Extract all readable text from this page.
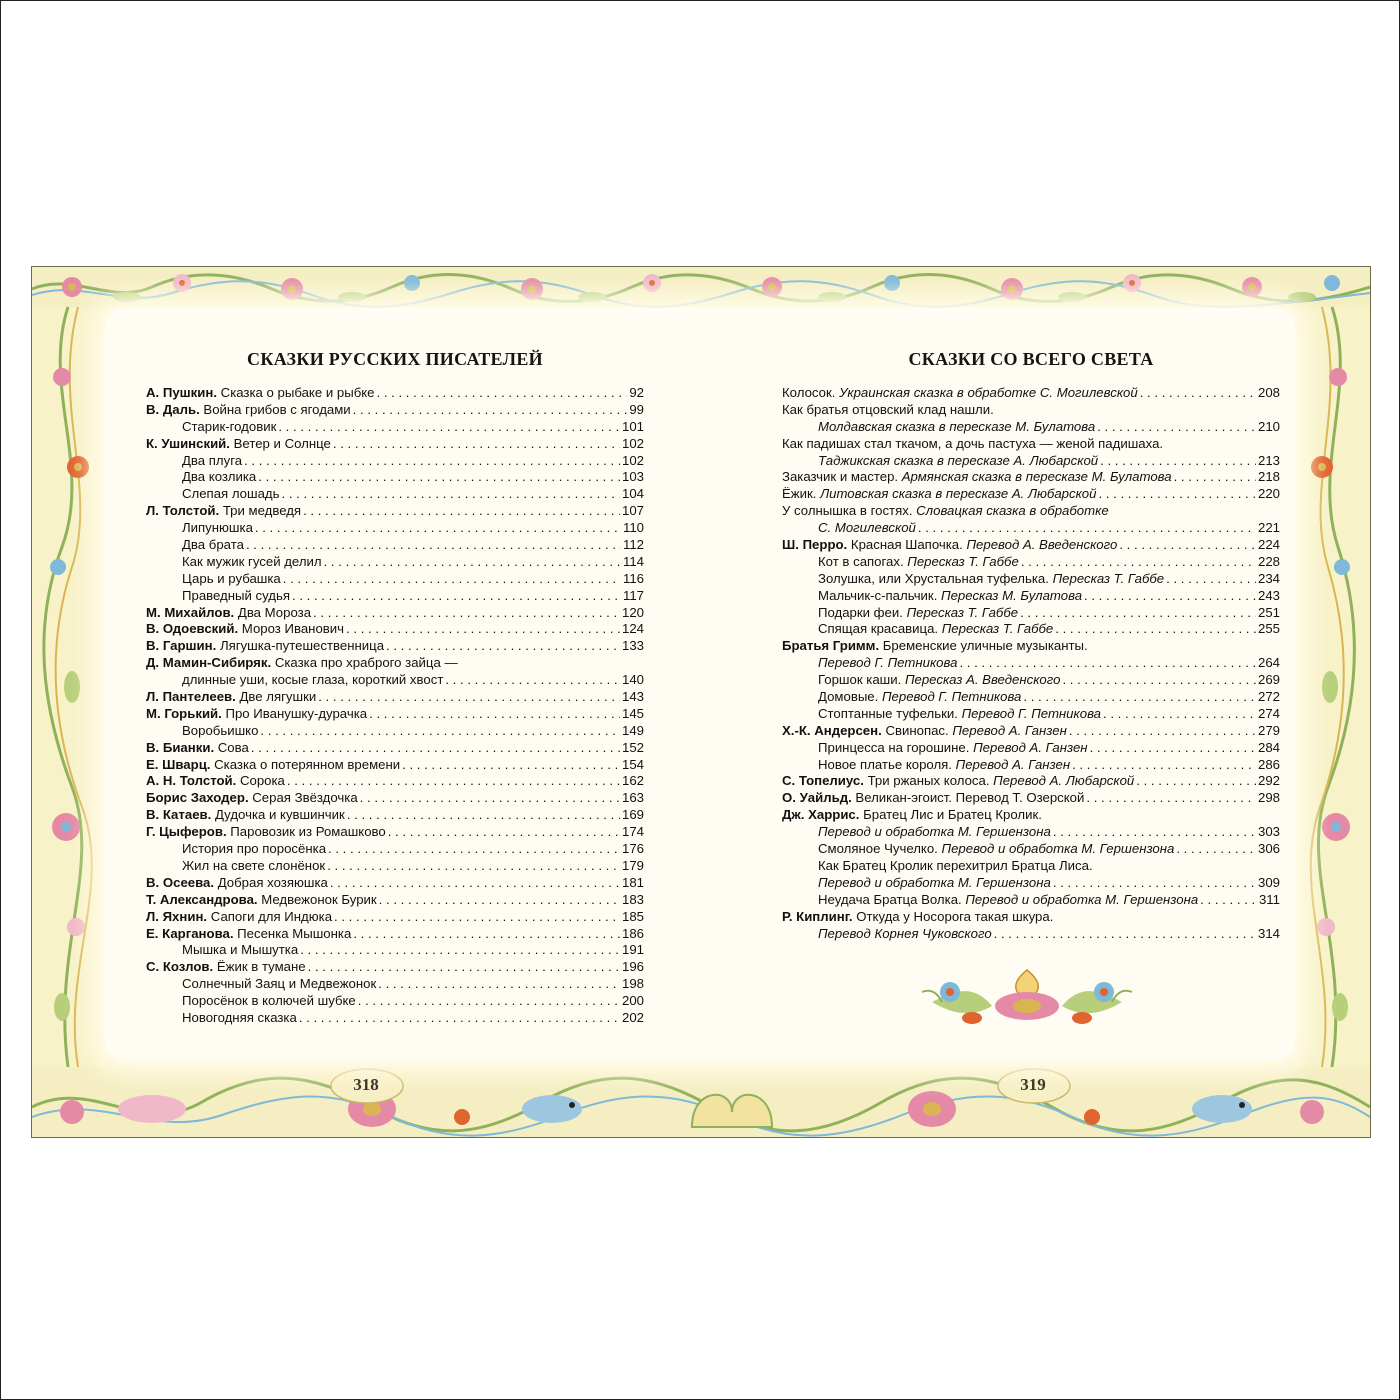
СКАЗКИ РУССКИХ ПИСАТЕЛЕЙ	СКАЗКИ СО ВСЕГО СВЕТА
А. Пушкин. Сказка о рыбаке и рыбке . . .	92
В. Даль. Война грибов с ягодами . . .	99
Старик-годовик . . .	101
К. Ушинский. Ветер и Солнце . . .	102
Два плуга . . .	102
Два козлика . . .	103
Слепая лошадь . . .	104
Л. Толстой. Три медведя . . .	107
Липунюшка . . .	110
Два брата . . .	112
Как мужик гусей делил . . .	114
Царь и рубашка . . .	116
Праведный судья . . .	117
М. Михайлов. Два Мороза . . .	120
В. Одоевский. Мороз Иванович . . .	124
В. Гаршин. Лягушка-путешественница . . .	133
Д. Мамин-Сибиряк. Сказка про храброго зайца —
длинные уши, косые глаза, короткий хвост . . .	140
Л. Пантелеев. Две лягушки . . .	143
М. Горький. Про Иванушку-дурачка . . .	145
Воробьишко . . .	149
В. Бианки. Сова . . .	152
Е. Шварц. Сказка о потерянном времени . . .	154
А. Н. Толстой. Сорока . . .	162
Борис Заходер. Серая Звёздочка . . .	163
В. Катаев. Дудочка и кувшинчик . . .	169
Г. Цыферов. Паровозик из Ромашково . . .	174
История про поросёнка . . .	176
Жил на свете слонёнок . . .	179
В. Осеева. Добрая хозяюшка . . .	181
Т. Александрова. Медвежонок Бурик . . .	183
Л. Яхнин. Сапоги для Индюка . . .	185
Е. Карганова. Песенка Мышонка . . .	186
Мышка и Мышутка . . .	191
С. Козлов. Ёжик в тумане . . .	196
Солнечный Заяц и Медвежонок . . .	198
Поросёнок в колючей шубке . . .	200
Новогодняя сказка . . .	202
Колосок. Украинская сказка в обработке С. Могилевской . . .	208
Как братья отцовский клад нашли.
Молдавская сказка в пересказе М. Булатова . . .	210
Как падишах стал ткачом, а дочь пастуха — женой падишаха.
Таджикская сказка в пересказе А. Любарской . . .	213
Заказчик и мастер. Армянская сказка в пересказе М. Булатова . . .	218
Ёжик. Литовская сказка в пересказе А. Любарской . . .	220
У солнышка в гостях. Словацкая сказка в обработке
С. Могилевской . . .	221
Ш. Перро. Красная Шапочка. Перевод А. Введенского . . .	224
Кот в сапогах. Пересказ Т. Габбе . . .	228
Золушка, или Хрустальная туфелька. Пересказ Т. Габбе . . .	234
Мальчик-с-пальчик. Пересказ М. Булатова . . .	243
Подарки феи. Пересказ Т. Габбе . . .	251
Спящая красавица. Пересказ Т. Габбе . . .	255
Братья Гримм. Бременские уличные музыканты.
Перевод Г. Петникова . . .	264
Горшок каши. Пересказ А. Введенского . . .	269
Домовые. Перевод Г. Петникова . . .	272
Стоптанные туфельки. Перевод Г. Петникова . . .	274
Х.-К. Андерсен. Свинопас. Перевод А. Ганзен . . .	279
Принцесса на горошине. Перевод А. Ганзен . . .	284
Новое платье короля. Перевод А. Ганзен . . .	286
С. Топелиус. Три ржаных колоса. Перевод А. Любарской . . .	292
О. Уайльд. Великан-эгоист. Перевод Т. Озерской . . .	298
Дж. Харрис. Братец Лис и Братец Кролик.
Перевод и обработка М. Гершензона . . .	303
Смоляное Чучелко. Перевод и обработка М. Гершензона . . .	306
Как Братец Кролик перехитрил Братца Лиса.
Перевод и обработка М. Гершензона . . .	309
Неудача Братца Волка. Перевод и обработка М. Гершензона . . .	311
Р. Киплинг. Откуда у Носорога такая шкура.
Перевод Корнея Чуковского . . .	314
318	319
